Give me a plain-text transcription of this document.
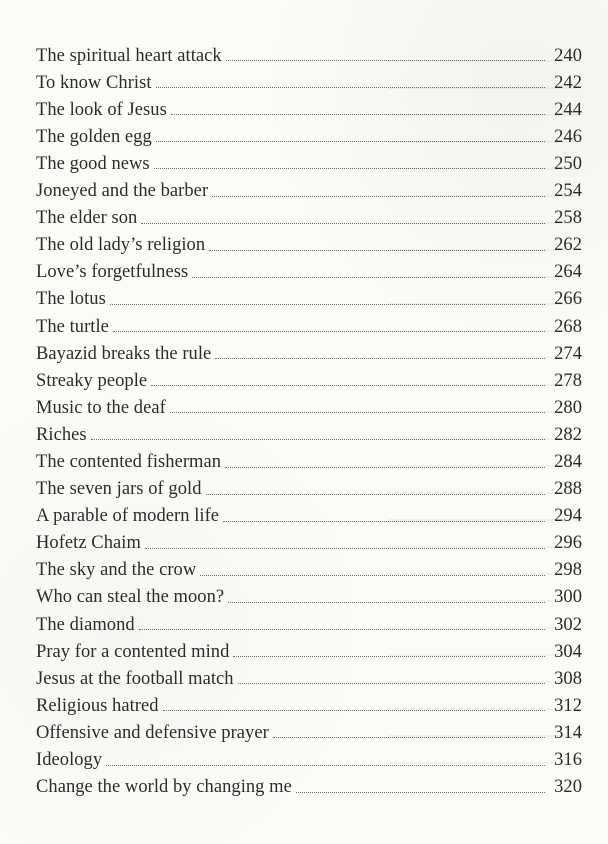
The spiritual heart attack	240
To know Christ	242
The look of Jesus	244
The golden egg	246
The good news	250
Joneyed and the barber	254
The elder son	258
The old lady’s religion	262
Love’s forgetfulness	264
The lotus	266
The turtle	268
Bayazid breaks the rule	274
Streaky people	278
Music to the deaf	280
Riches	282
The contented fisherman	284
The seven jars of gold	288
A parable of modern life	294
Hofetz Chaim	296
The sky and the crow	298
Who can steal the moon?	300
The diamond	302
Pray for a contented mind	304
Jesus at the football match	308
Religious hatred	312
Offensive and defensive prayer	314
Ideology	316
Change the world by changing me	320
